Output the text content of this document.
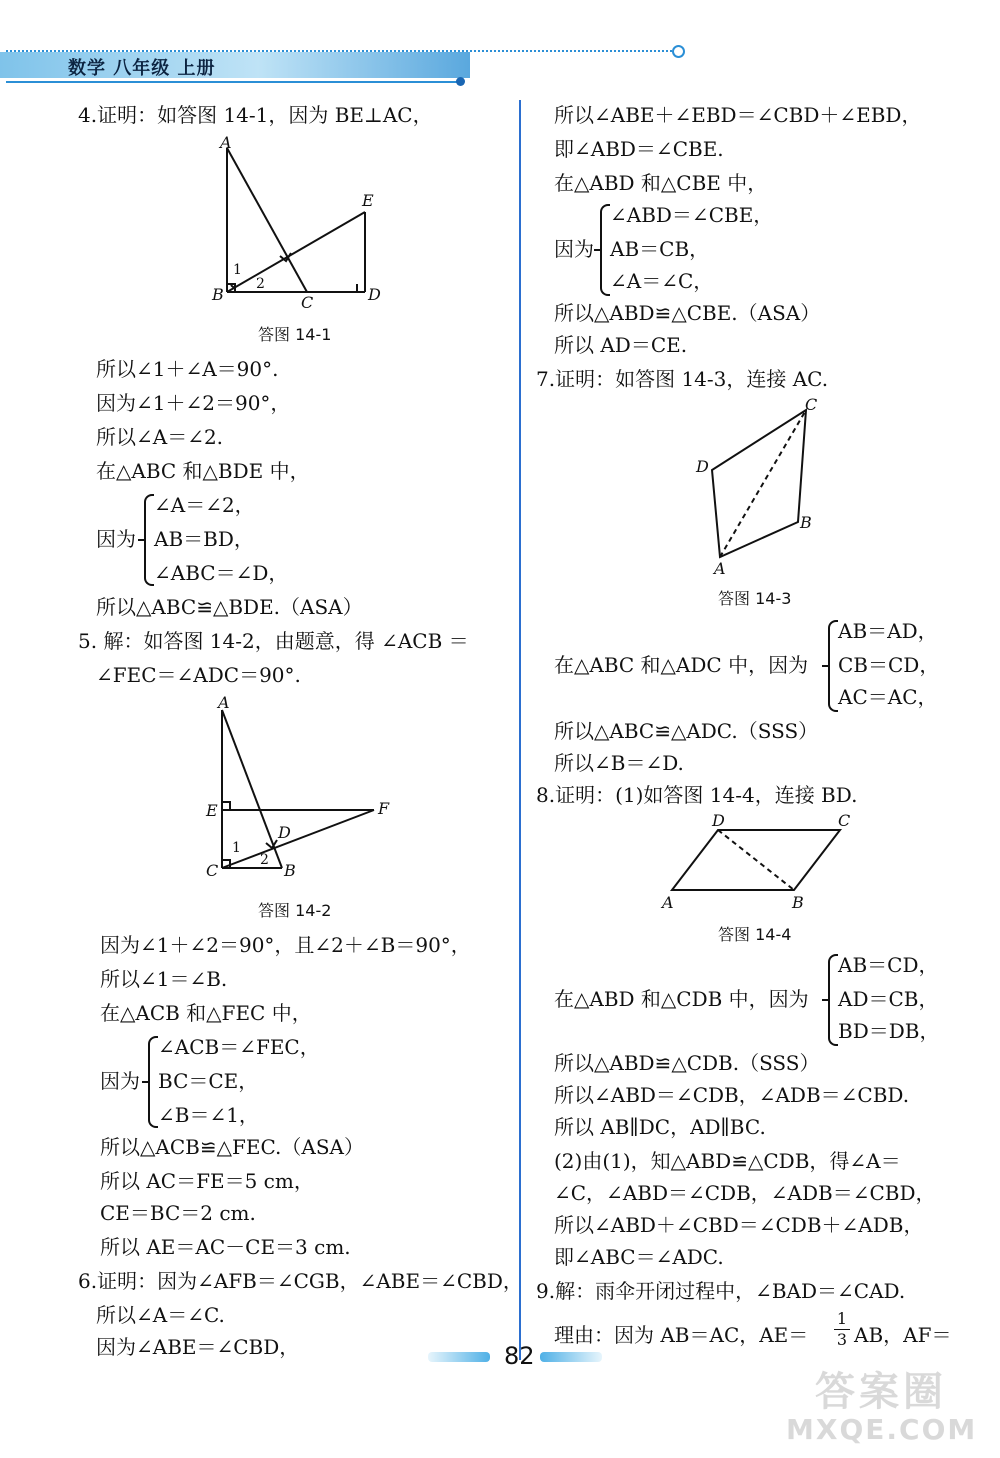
数学 八年级 上册
4.证明：如答图 14-1，因为 BE⊥AC，
A
B	C	D
E
1
2
答图 14-1
所以∠1＋∠A＝90°.
因为∠1＋∠2＝90°，
所以∠A＝∠2.
在△ABC 和△BDE 中，
因为
∠A＝∠2，
AB＝BD，
∠ABC＝∠D，
所以△ABC≌△BDE.（ASA）
5. 解：如答图 14-2，由题意，得 ∠ACB ＝
∠FEC＝∠ADC＝90°.
A
B
C
D
E	F
1
2
答图 14-2
因为∠1＋∠2＝90°，且∠2＋∠B＝90°，
所以∠1＝∠B.
在△ACB 和△FEC 中，
因为
∠ACB＝∠FEC，
BC＝CE，
∠B＝∠1，
所以△ACB≌△FEC.（ASA）
所以 AC＝FE＝5 cm，
CE＝BC＝2 cm.
所以 AE＝AC－CE＝3 cm.
6.证明：因为∠AFB＝∠CGB，∠ABE＝∠CBD，
所以∠A＝∠C.
因为∠ABE＝∠CBD，
所以∠ABE＋∠EBD＝∠CBD＋∠EBD，
即∠ABD＝∠CBE.
在△ABD 和△CBE 中，
因为
∠ABD＝∠CBE，
AB＝CB，
∠A＝∠C，
所以△ABD≌△CBE.（ASA）
所以 AD＝CE.
7.证明：如答图 14-3，连接 AC.
A
B
C
D
答图 14-3
在△ABC 和△ADC 中，因为
AB＝AD，
CB＝CD，
AC＝AC，
所以△ABC≌△ADC.（SSS）
所以∠B＝∠D.
8.证明：(1)如答图 14-4，连接 BD.
A	B
C
D
答图 14-4
在△ABD 和△CDB 中，因为
AB＝CD，
AD＝CB，
BD＝DB，
所以△ABD≌△CDB.（SSS）
所以∠ABD＝∠CDB，∠ADB＝∠CBD.
所以 AB∥DC，AD∥BC.
(2)由(1)，知△ABD≌△CDB，得∠A＝
∠C，∠ABD＝∠CDB，∠ADB＝∠CBD，
所以∠ABD＋∠CBD＝∠CDB＋∠ADB，
即∠ABC＝∠ADC.
9.解：雨伞开闭过程中，∠BAD＝∠CAD.
理由：因为 AB＝AC，AE＝
1
3 AB，AF＝
82
答案圈
MXQE.COM
